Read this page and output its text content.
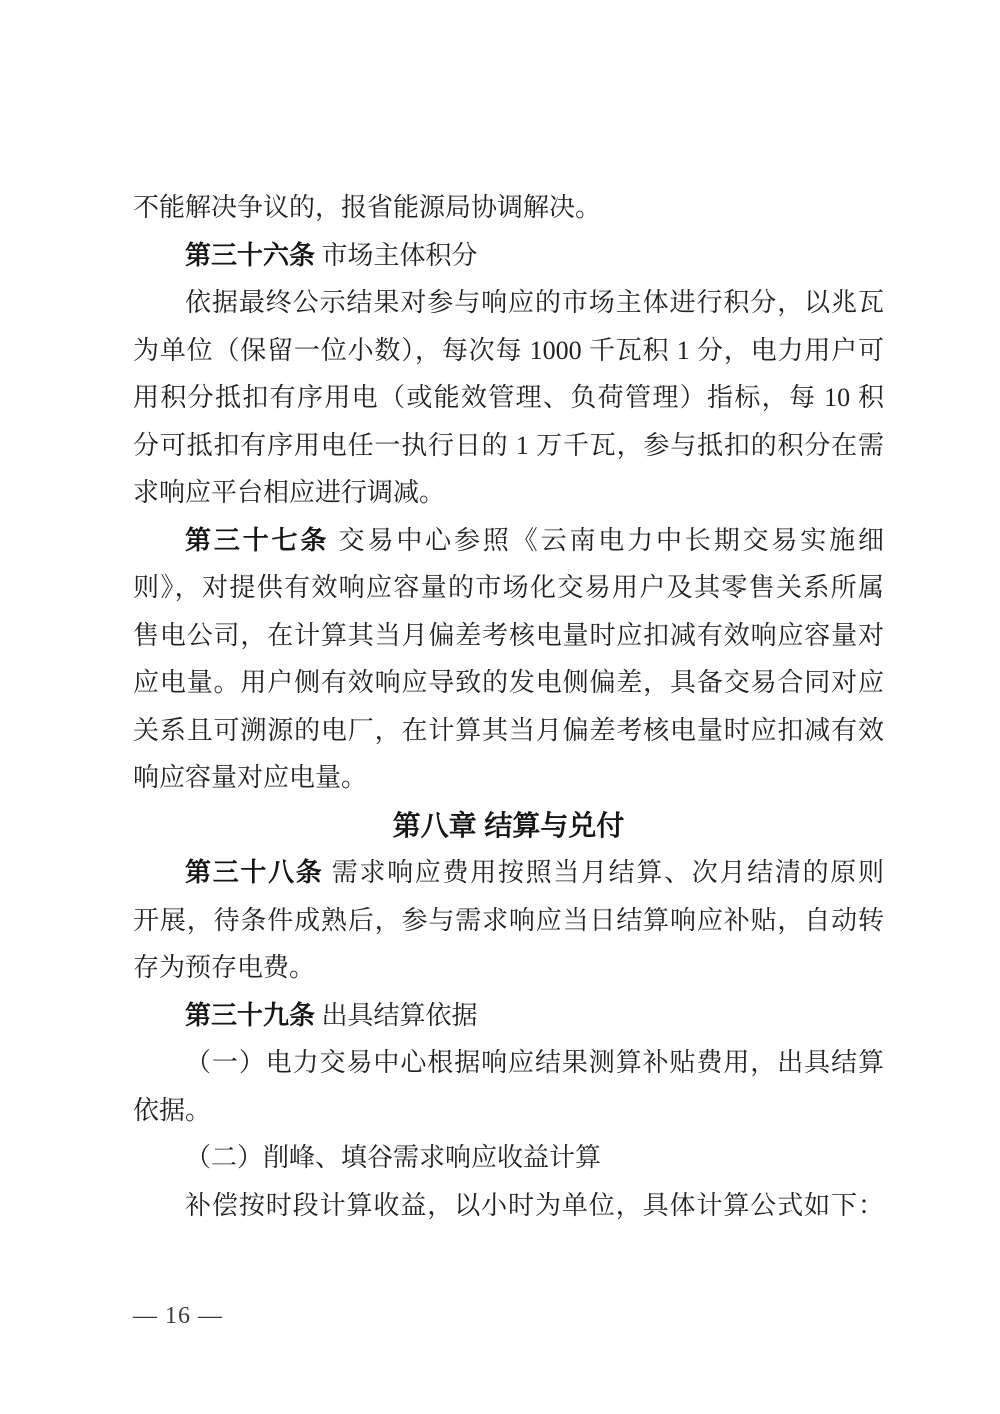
不能解决争议的，报省能源局协调解决。
第三十六条 市场主体积分
依据最终公示结果对参与响应的市场主体进行积分，以兆瓦
为单位（保留一位小数），每次每 1000 千瓦积 1 分，电力用户可
用积分抵扣有序用电（或能效管理、负荷管理）指标，每 10 积
分可抵扣有序用电任一执行日的 1 万千瓦，参与抵扣的积分在需
求响应平台相应进行调减。
第三十七条 交易中心参照《云南电力中长期交易实施细
则》，对提供有效响应容量的市场化交易用户及其零售关系所属
售电公司，在计算其当月偏差考核电量时应扣减有效响应容量对
应电量。用户侧有效响应导致的发电侧偏差，具备交易合同对应
关系且可溯源的电厂，在计算其当月偏差考核电量时应扣减有效
响应容量对应电量。
第八章 结算与兑付
第三十八条 需求响应费用按照当月结算、次月结清的原则
开展，待条件成熟后，参与需求响应当日结算响应补贴，自动转
存为预存电费。
第三十九条 出具结算依据
（一）电力交易中心根据响应结果测算补贴费用，出具结算
依据。
（二）削峰、填谷需求响应收益计算
补偿按时段计算收益，以小时为单位，具体计算公式如下：
— 16 —
